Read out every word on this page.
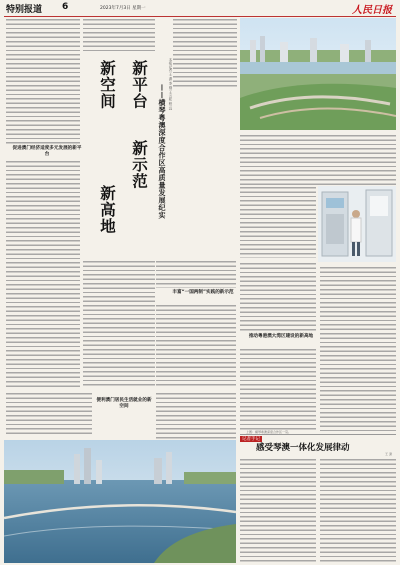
特别报道 6	2023年7月3日 星期一	人民日报
促进澳门经济适度多元发展的新平台
新平台
新空间
新示范
新高地	——横琴粤澳深度合作区高质量发展纪实
本报记者 王 潇 李 刚 王云松 程 远
丰富“一国两制”实践的新示范
推动粤港澳大湾区建设的新高地
便利澳门居民生活就业的新空间
上图：横琴粤澳深度合作区一景。
记者手记
感受琴澳一体化发展律动
王 潇
